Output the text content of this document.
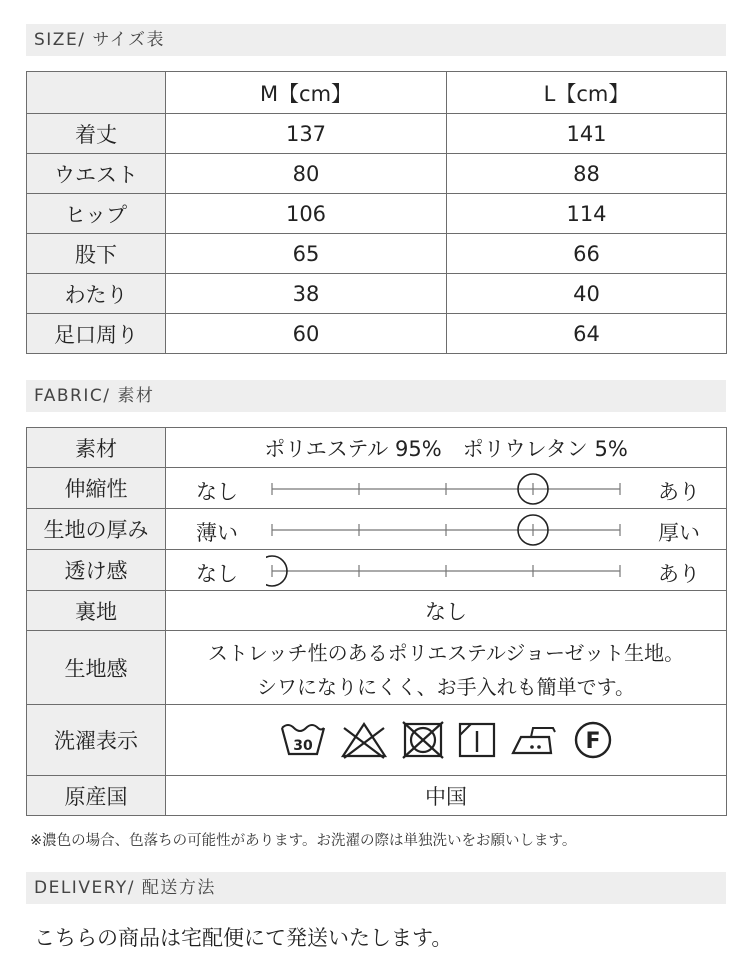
SIZE/ サイズ表
	M【cm】	L【cm】
着丈	137	141
ウエスト	80	88
ヒップ	106	114
股下	65	66
わたり	38	40
足口周り	60	64
FABRIC/ 素材
素材	ポリエステル 95%　ポリウレタン 5%
伸縮性	なし あり

生地の厚み	薄い 厚い

透け感	なし あり

裏地	なし
生地感	ストレッチ性のあるポリエステルジョーゼット生地。
シワになりにくく、お手入れも簡単です。

洗濯表示	30 F

原産国	中国
※濃色の場合、色落ちの可能性があります。お洗濯の際は単独洗いをお願いします。
DELIVERY/ 配送方法
こちらの商品は宅配便にて発送いたします。
